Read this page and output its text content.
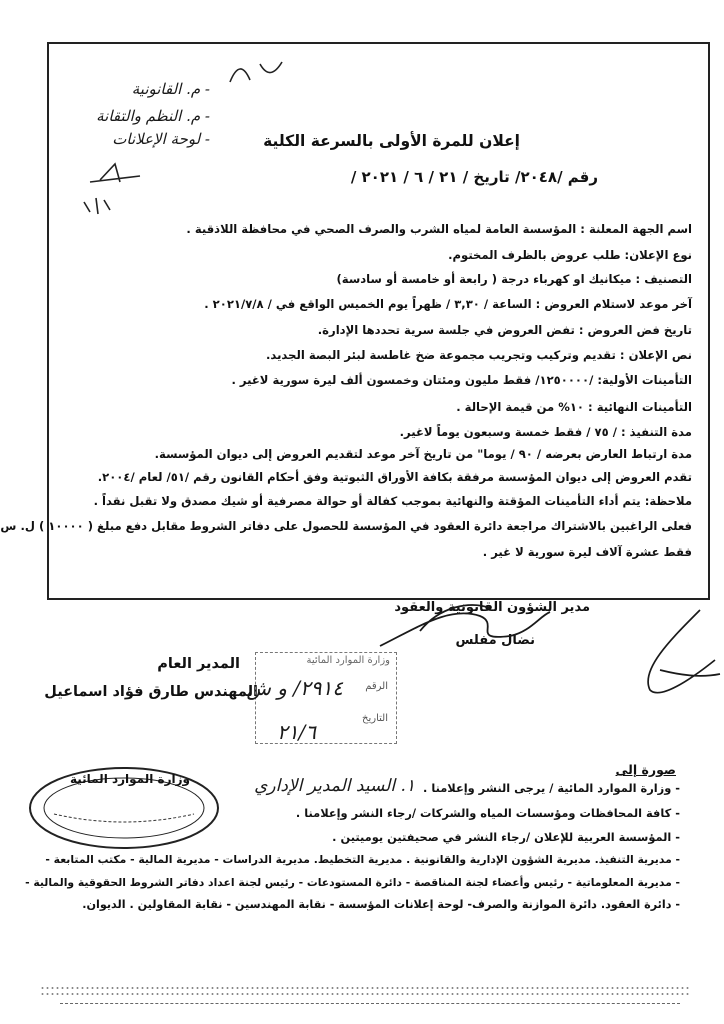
- م. القانونية
- م. النظم والتقانة
- لوحة الإعلانات	إعلان للمرة الأولى بالسرعة الكلية
رقم /٢٠٤٨/ تاريخ / ٢١ / ٦ / ٢٠٢١ /
اسم الجهة المعلنة : المؤسسة العامة لمياه الشرب والصرف الصحي في محافظة اللاذقية .
نوع الإعلان: طلب عروض بالظرف المختوم.
التصنيف : ميكانيك او كهرباء درجة ( رابعة أو خامسة أو سادسة)
آخر موعد لاستلام العروض : الساعة / ٣,٣٠ / ظهراً يوم الخميس الواقع في / ٢٠٢١/٧/٨ .
تاريخ فض العروض : تفض العروض في جلسة سرية تحددها الإدارة.
نص الإعلان : تقديم وتركيب وتجريب مجموعة ضخ غاطسة لبئر البصة الجديد.
التأمينات الأولية: /١٢٥٠٠٠٠/ فقط مليون ومئتان وخمسون ألف ليرة سورية لاغير .
التأمينات النهائية : ١٠% من قيمة الإحالة .
مدة التنفيذ : / ٧٥ / فقط خمسة وسبعون يوماً لاغير.
مدة ارتباط العارض بعرضه / ٩٠ / يوما" من تاريخ آخر موعد لتقديم العروض إلى ديوان المؤسسة.
تقدم العروض إلى ديوان المؤسسة مرفقة بكافة الأوراق الثبوتية وفق أحكام القانون رقم /٥١/ لعام /٢٠٠٤.
ملاحظة: يتم أداء التأمينات المؤقتة والنهائية بموجب كفالة أو حوالة مصرفية أو شيك مصدق ولا تقبل نقداً .
فعلى الراغبين بالاشتراك مراجعة دائرة العقود في المؤسسة للحصول على دفاتر الشروط مقابل دفع مبلغ ( ١٠٠٠٠ ) ل. س
فقط عشرة آلاف ليرة سورية لا غير .
مدير الشؤون القانونية والعقود
نضال مفلس
المدير العام
المهندس طارق فؤاد اسماعيل
وزارة الموارد المائية
الرقم
التاريخ
٢٩١٤/ و ش
٢١/٦
وزارة الموارد المائية
صورة إلى
- وزارة الموارد المائية / يرجى النشر وإعلامنا .
١. السيد المدير الإداري
- كافة المحافظات ومؤسسات المياه والشركات /رجاء النشر وإعلامنا .
- المؤسسة العربية للإعلان /رجاء النشر في صحيفتين يوميتين .
- مديرية التنفيذ. مديرية الشؤون الإدارية والقانونية . مديرية التخطيط. مديرية الدراسات - مديرية المالية - مكتب المتابعة -
- مديرية المعلوماتية - رئيس وأعضاء لجنة المناقصة - دائرة المستودعات - رئيس لجنة اعداد دفاتر الشروط الحقوقية والمالية -
- دائرة العقود. دائرة الموازنة والصرف- لوحة إعلانات المؤسسة - نقابة المهندسين - نقابة المقاولين . الديوان.
